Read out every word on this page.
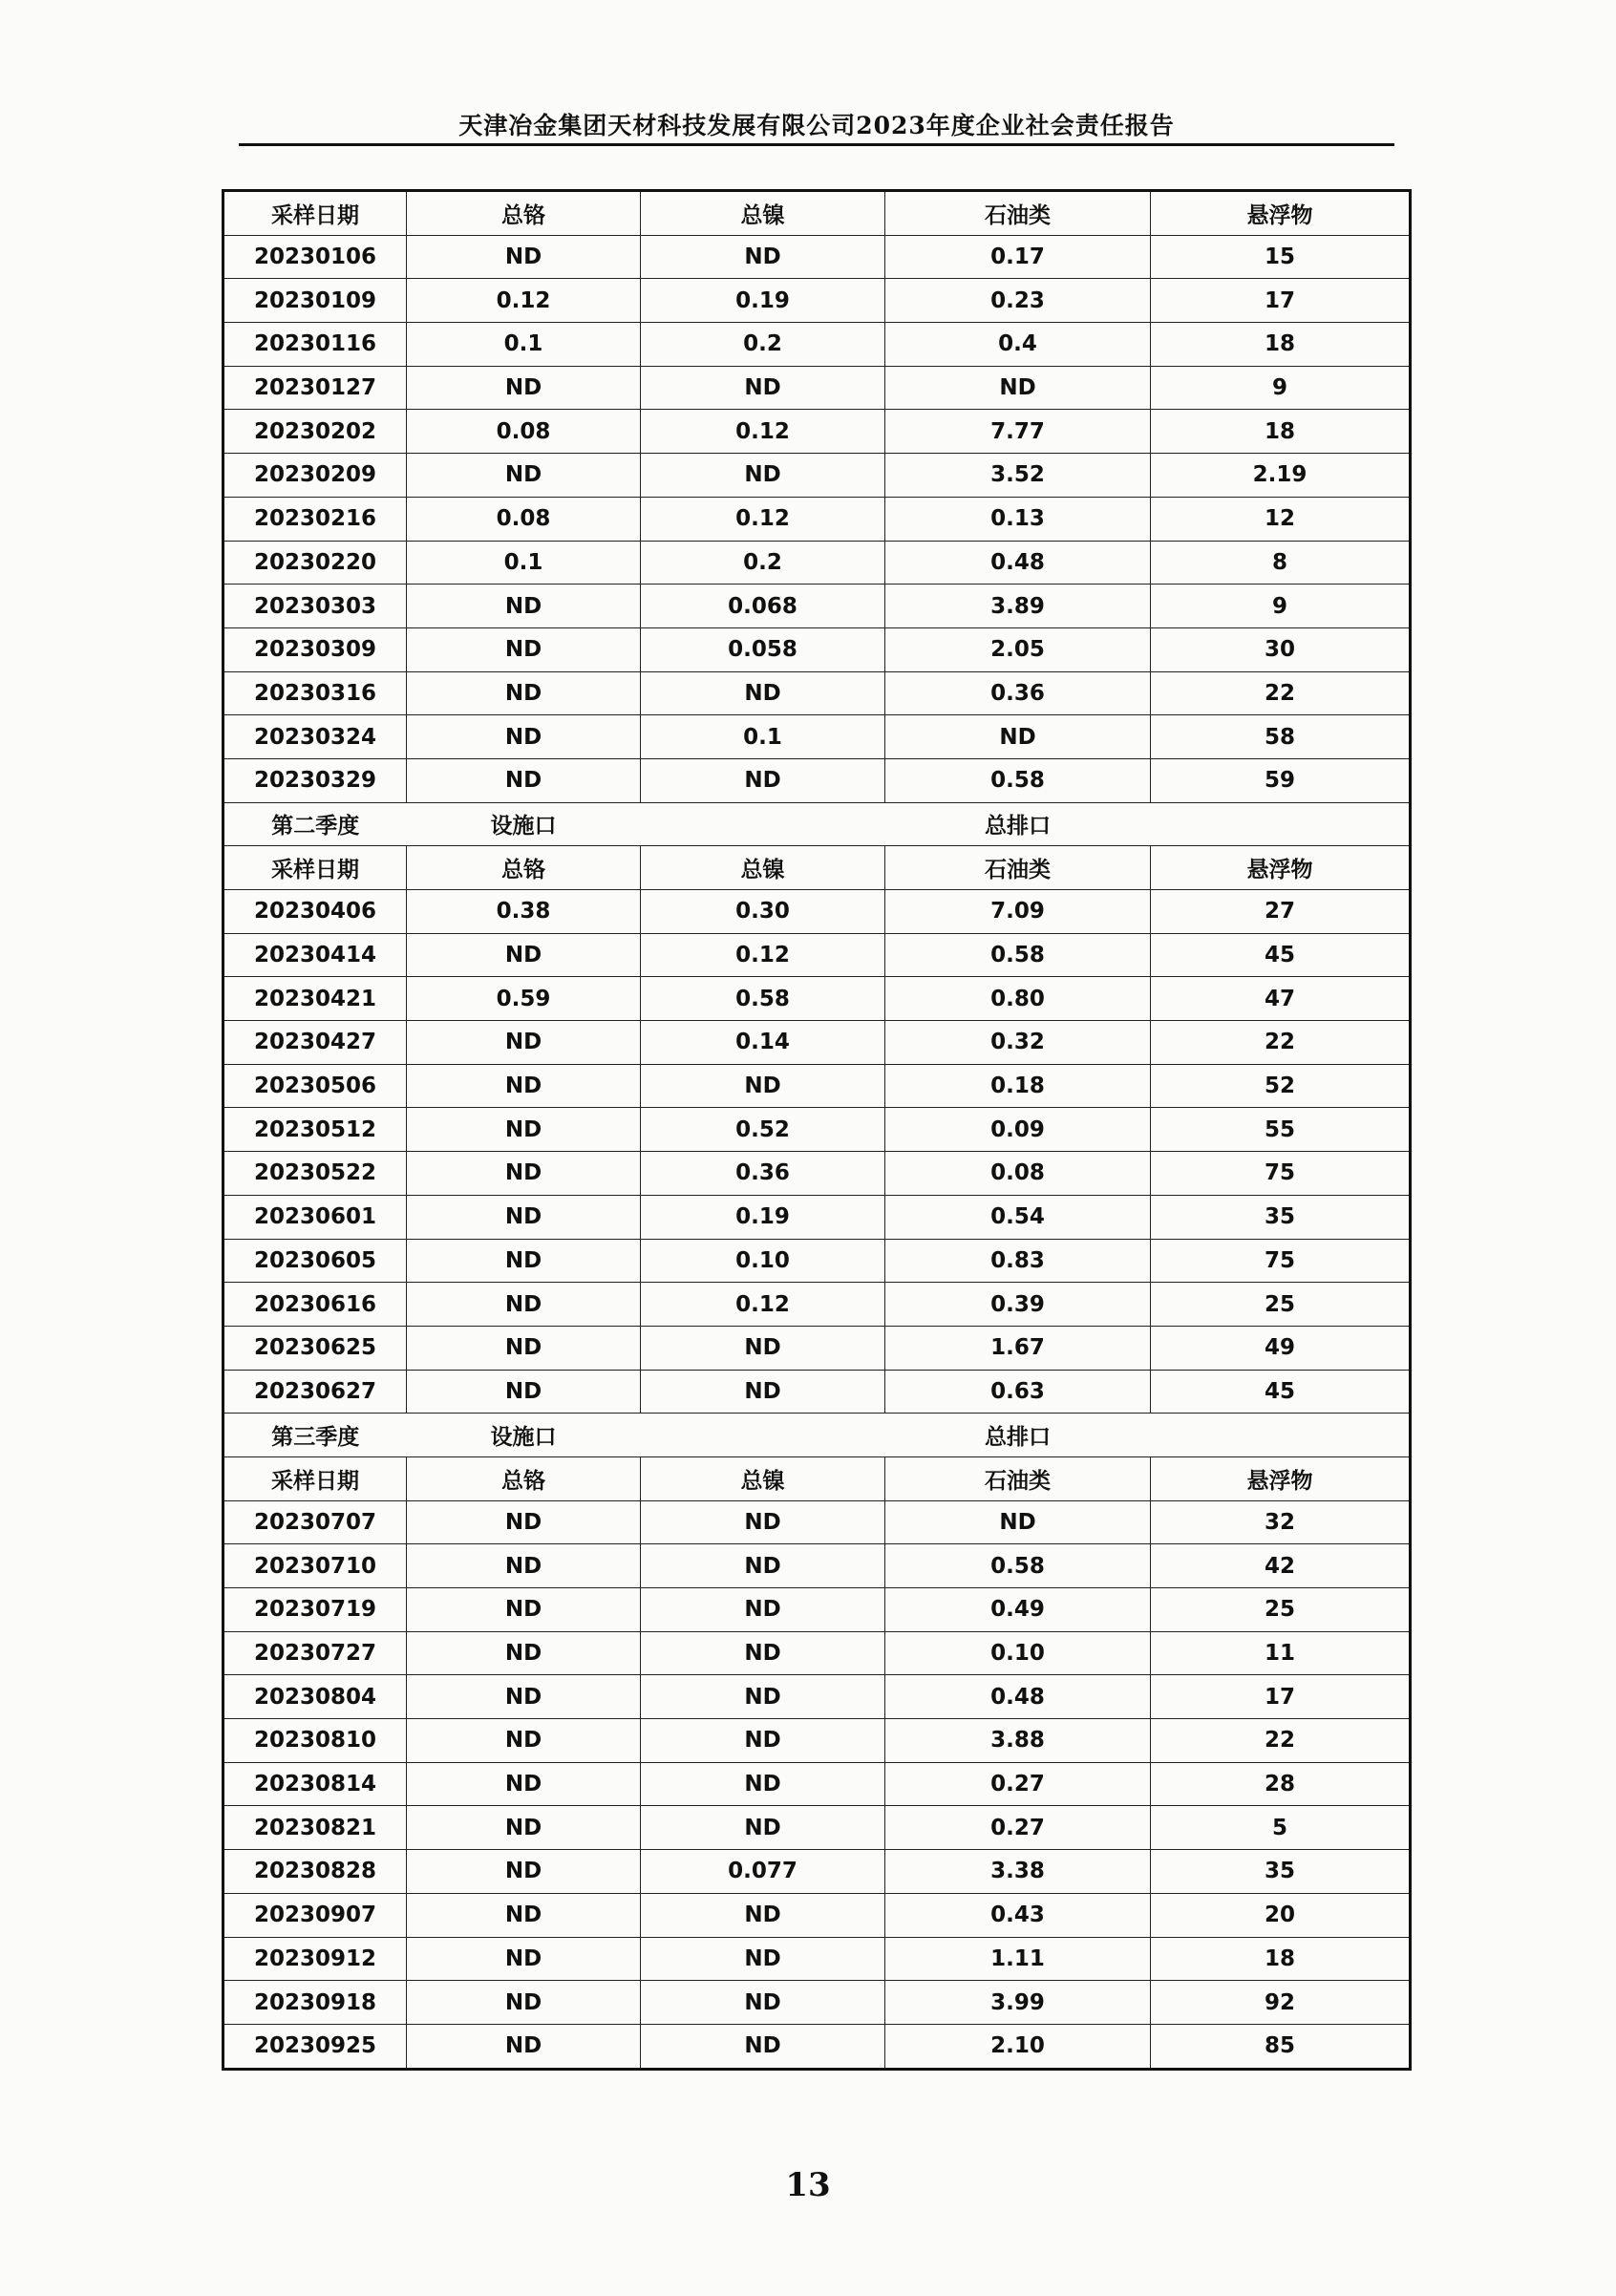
天津冶金集团天材科技发展有限公司2023年度企业社会责任报告
采样日期	总铬	总镍	石油类	悬浮物
20230106	ND	ND	0.17	15
20230109	0.12	0.19	0.23	17
20230116	0.1	0.2	0.4	18
20230127	ND	ND	ND	9
20230202	0.08	0.12	7.77	18
20230209	ND	ND	3.52	2.19
20230216	0.08	0.12	0.13	12
20230220	0.1	0.2	0.48	8
20230303	ND	0.068	3.89	9
20230309	ND	0.058	2.05	30
20230316	ND	ND	0.36	22
20230324	ND	0.1	ND	58
20230329	ND	ND	0.58	59
第二季度	设施口		总排口	
采样日期	总铬	总镍	石油类	悬浮物
20230406	0.38	0.30	7.09	27
20230414	ND	0.12	0.58	45
20230421	0.59	0.58	0.80	47
20230427	ND	0.14	0.32	22
20230506	ND	ND	0.18	52
20230512	ND	0.52	0.09	55
20230522	ND	0.36	0.08	75
20230601	ND	0.19	0.54	35
20230605	ND	0.10	0.83	75
20230616	ND	0.12	0.39	25
20230625	ND	ND	1.67	49
20230627	ND	ND	0.63	45
第三季度	设施口		总排口	
采样日期	总铬	总镍	石油类	悬浮物
20230707	ND	ND	ND	32
20230710	ND	ND	0.58	42
20230719	ND	ND	0.49	25
20230727	ND	ND	0.10	11
20230804	ND	ND	0.48	17
20230810	ND	ND	3.88	22
20230814	ND	ND	0.27	28
20230821	ND	ND	0.27	5
20230828	ND	0.077	3.38	35
20230907	ND	ND	0.43	20
20230912	ND	ND	1.11	18
20230918	ND	ND	3.99	92
20230925	ND	ND	2.10	85
13
